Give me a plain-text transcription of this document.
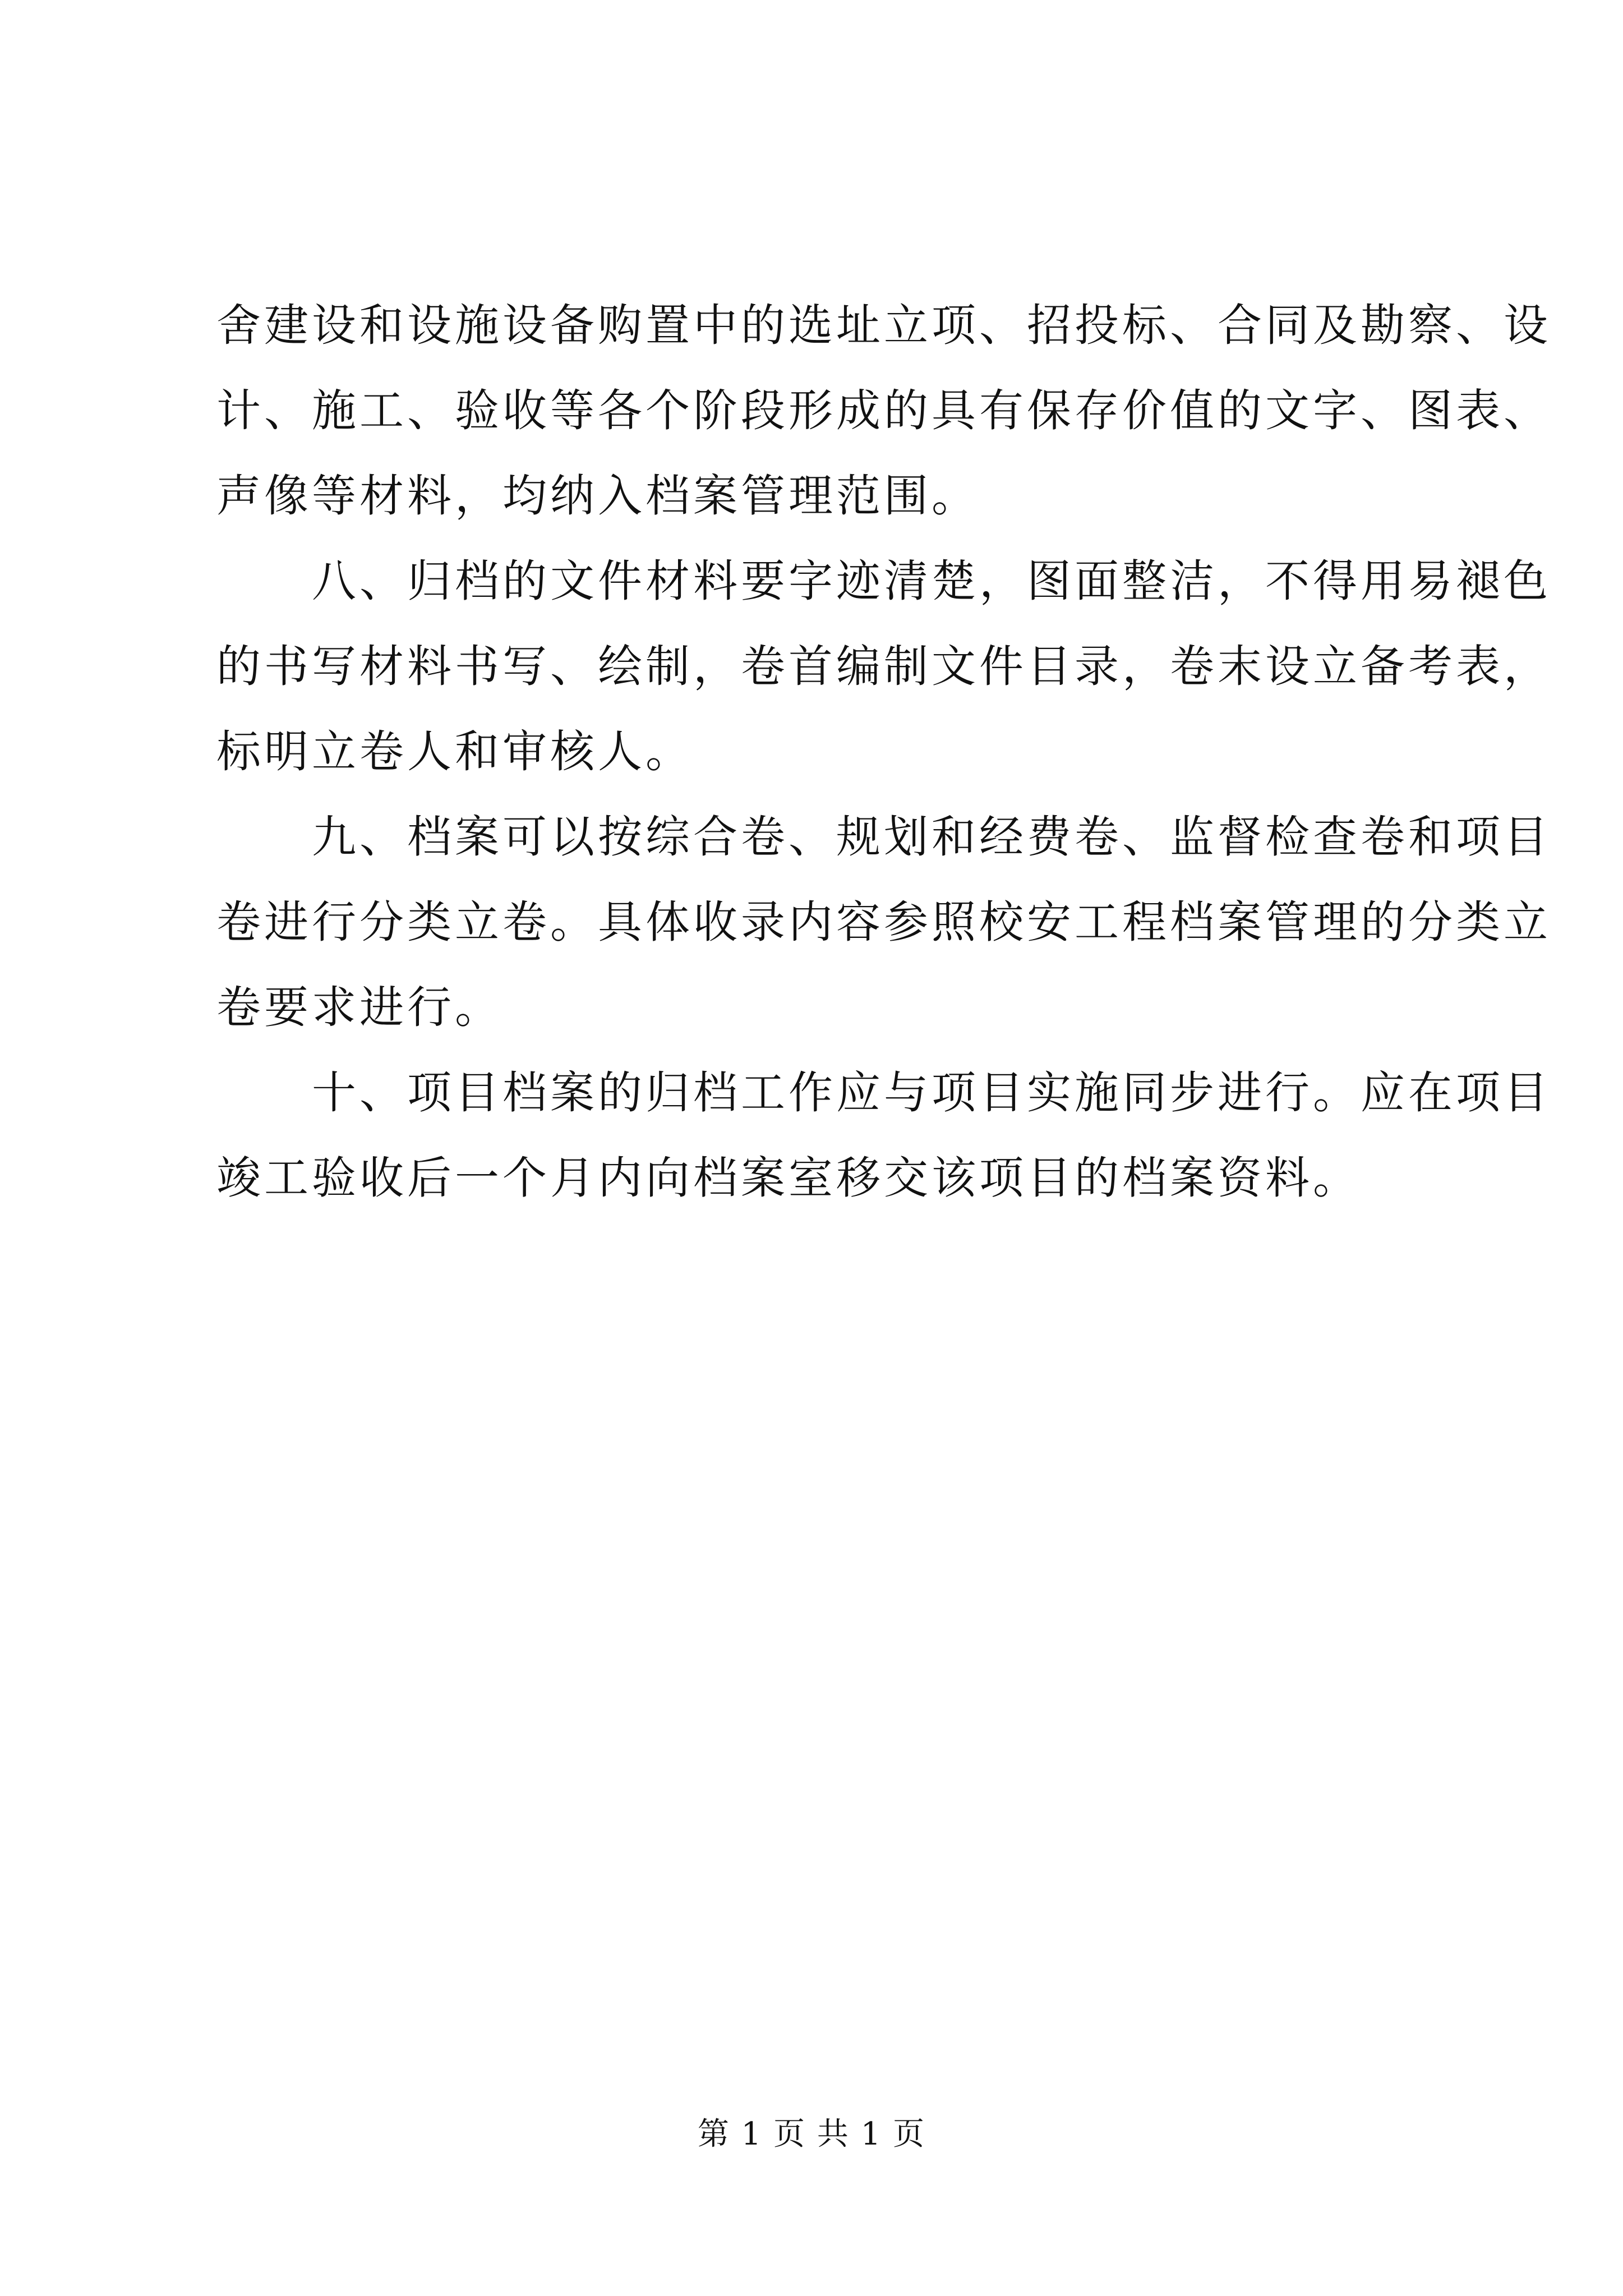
舍建设和设施设备购置中的选址立项、招投标、合同及勘察、设
计、施工、验收等各个阶段形成的具有保存价值的文字、图表、
声像等材料，均纳入档案管理范围。
八、归档的文件材料要字迹清楚，图面整洁，不得用易褪色
的书写材料书写、绘制，卷首编制文件目录，卷末设立备考表，
标明立卷人和审核人。
九、档案可以按综合卷、规划和经费卷、监督检查卷和项目
卷进行分类立卷。具体收录内容参照校安工程档案管理的分类立
卷要求进行。
十、项目档案的归档工作应与项目实施同步进行。应在项目
竣工验收后一个月内向档案室移交该项目的档案资料。
第 1 页 共 1 页
